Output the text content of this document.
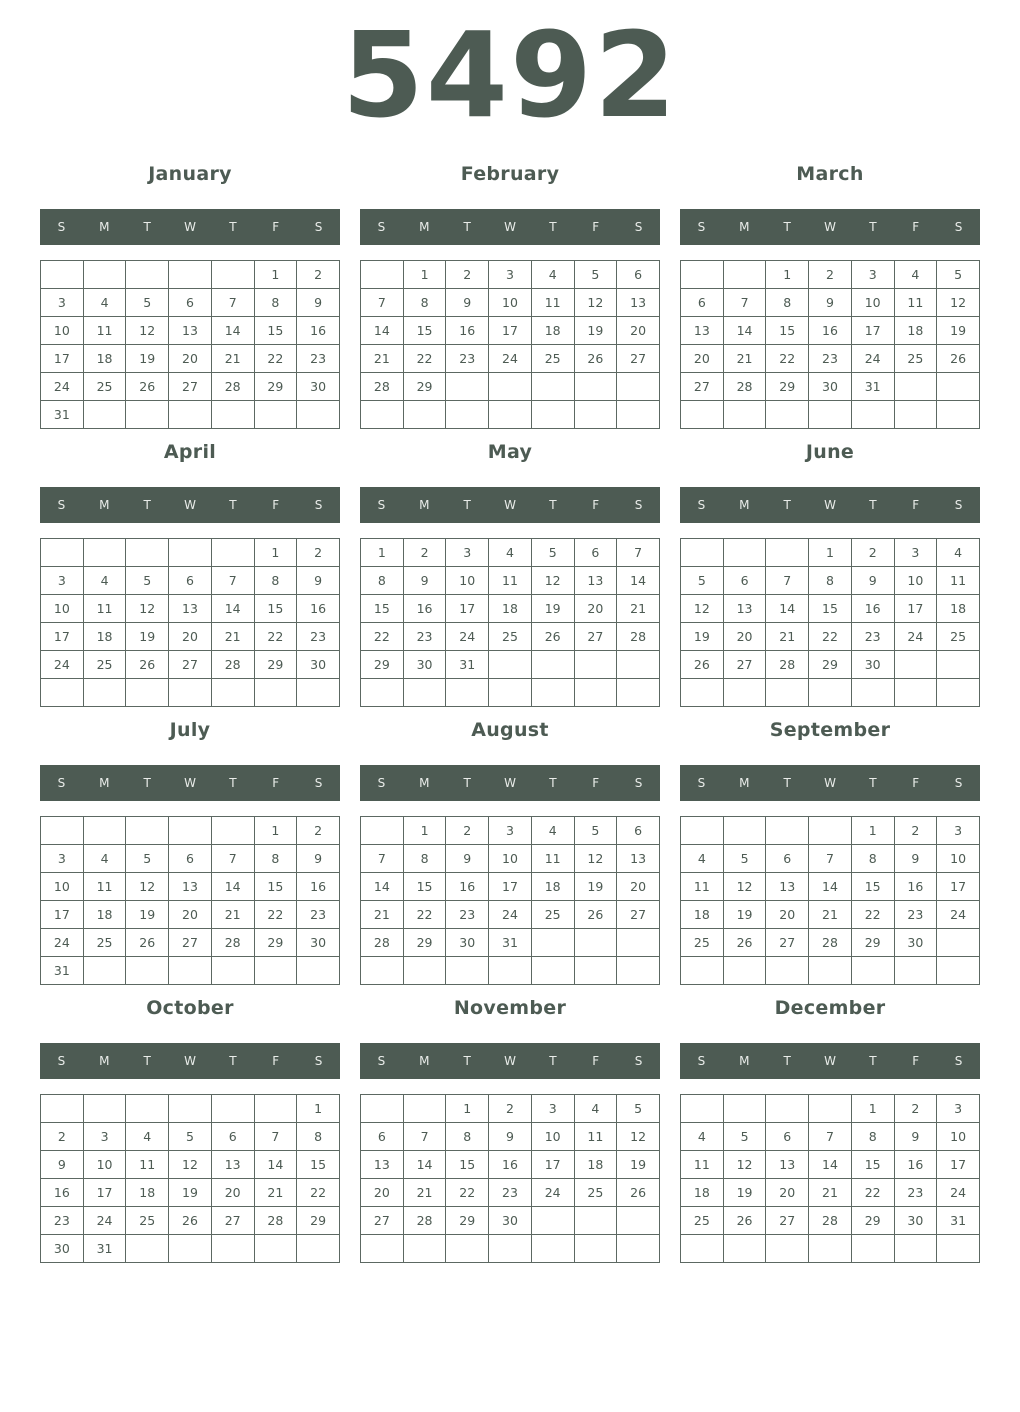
5492
January
S	M	T	W	T	F	S
					1	2
3	4	5	6	7	8	9
10	11	12	13	14	15	16
17	18	19	20	21	22	23
24	25	26	27	28	29	30
31						
February
S	M	T	W	T	F	S
	1	2	3	4	5	6
7	8	9	10	11	12	13
14	15	16	17	18	19	20
21	22	23	24	25	26	27
28	29					

March
S	M	T	W	T	F	S
		1	2	3	4	5
6	7	8	9	10	11	12
13	14	15	16	17	18	19
20	21	22	23	24	25	26
27	28	29	30	31		

April
S	M	T	W	T	F	S
					1	2
3	4	5	6	7	8	9
10	11	12	13	14	15	16
17	18	19	20	21	22	23
24	25	26	27	28	29	30

May
S	M	T	W	T	F	S
1	2	3	4	5	6	7
8	9	10	11	12	13	14
15	16	17	18	19	20	21
22	23	24	25	26	27	28
29	30	31				

June
S	M	T	W	T	F	S
			1	2	3	4
5	6	7	8	9	10	11
12	13	14	15	16	17	18
19	20	21	22	23	24	25
26	27	28	29	30		

July
S	M	T	W	T	F	S
					1	2
3	4	5	6	7	8	9
10	11	12	13	14	15	16
17	18	19	20	21	22	23
24	25	26	27	28	29	30
31						
August
S	M	T	W	T	F	S
	1	2	3	4	5	6
7	8	9	10	11	12	13
14	15	16	17	18	19	20
21	22	23	24	25	26	27
28	29	30	31			

September
S	M	T	W	T	F	S
				1	2	3
4	5	6	7	8	9	10
11	12	13	14	15	16	17
18	19	20	21	22	23	24
25	26	27	28	29	30	

October
S	M	T	W	T	F	S
						1
2	3	4	5	6	7	8
9	10	11	12	13	14	15
16	17	18	19	20	21	22
23	24	25	26	27	28	29
30	31					
November
S	M	T	W	T	F	S
		1	2	3	4	5
6	7	8	9	10	11	12
13	14	15	16	17	18	19
20	21	22	23	24	25	26
27	28	29	30			

December
S	M	T	W	T	F	S
				1	2	3
4	5	6	7	8	9	10
11	12	13	14	15	16	17
18	19	20	21	22	23	24
25	26	27	28	29	30	31
